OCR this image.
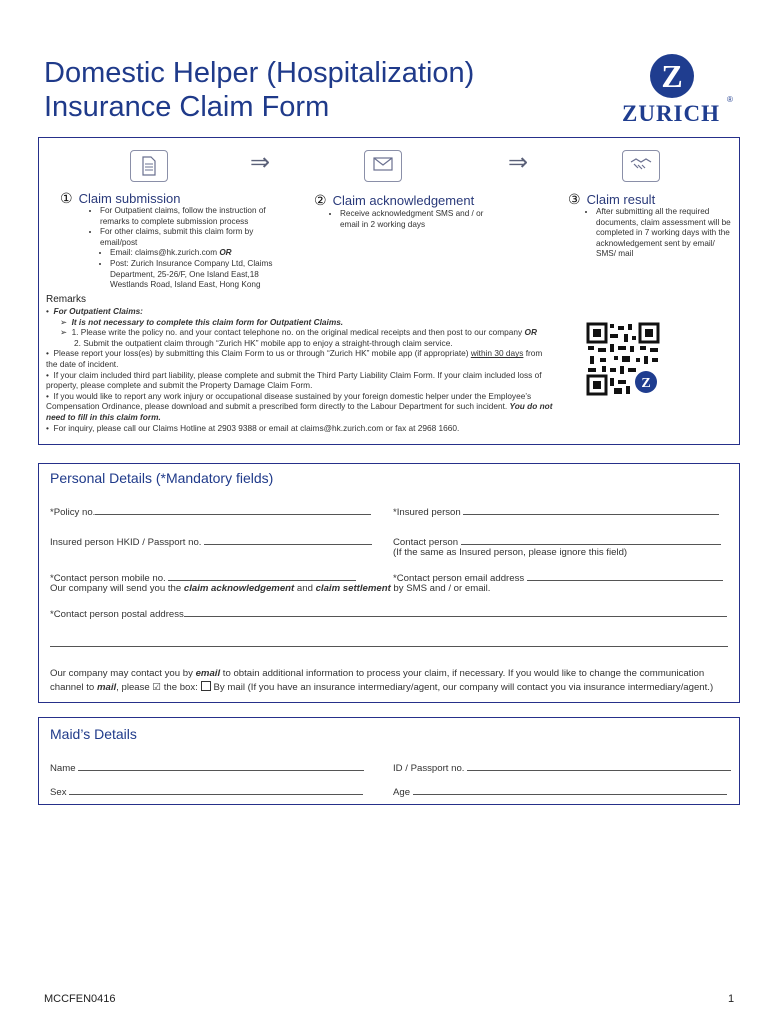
Domestic Helper (Hospitalization)
Insurance Claim Form
Z
ZURICH
®
⇒	⇒
① Claim submission
• For Outpatient claims, follow the instruction of remarks to complete submission process
• For other claims, submit this claim form by email/post
• Email: claims@hk.zurich.com OR
• Post: Zurich Insurance Company Ltd, Claims Department, 25-26/F, One Island East,18 Westlands Road, Island East, Hong Kong
② Claim acknowledgement
• Receive acknowledgment SMS and / or email in 2 working days
③ Claim result
• After submitting all the required documents, claim assessment will be completed in 7 working days with the acknowledgement sent by email/ SMS/ mail
Remarks

•  For Outpatient Claims:

➢  It is not necessary to complete this claim form for Outpatient Claims.

➢  1. Please write the policy no. and your contact telephone no. on the original medical receipts and then post to our company OR

2. Submit the outpatient claim through “Zurich HK” mobile app to enjoy a straight-through claim service.

•  Please report your loss(es) by submitting this Claim Form to us or through “Zurich HK” mobile app (if appropriate) within 30 days from the date of incident.

•  If your claim included third part liability, please complete and submit the Third Party Liability Claim Form. If your claim included loss of property, please complete and submit the Property Damage Claim Form.

•  If you would like to report any work injury or occupational disease sustained by your foreign domestic helper under the Employee’s Compensation Ordinance, please download and submit a prescribed form directly to the Labour Department for such incident. You do not need to fill in this claim form.

•  For inquiry, please call our Claims Hotline at 2903 9388 or email at claims@hk.zurich.com or fax at 2968 1660.

Z
Personal Details (*Mandatory fields)
*Policy no.	*Insured person
Insured person HKID / Passport no.	Contact person
(If the same as Insured person, please ignore this field)
*Contact person mobile no.	*Contact person email address
Our company will send you the claim acknowledgement and claim settlement by SMS and / or email.
*Contact person postal address
Our company may contact you by email to obtain additional information to process your claim, if necessary. If you would like to change the communication
channel to mail, please ☑ the box: By mail (If you have an insurance intermediary/agent, our company will contact you via insurance intermediary/agent.)
Maid’s Details
Name	ID / Passport no.
Sex	Age
MCCFEN0416	1
